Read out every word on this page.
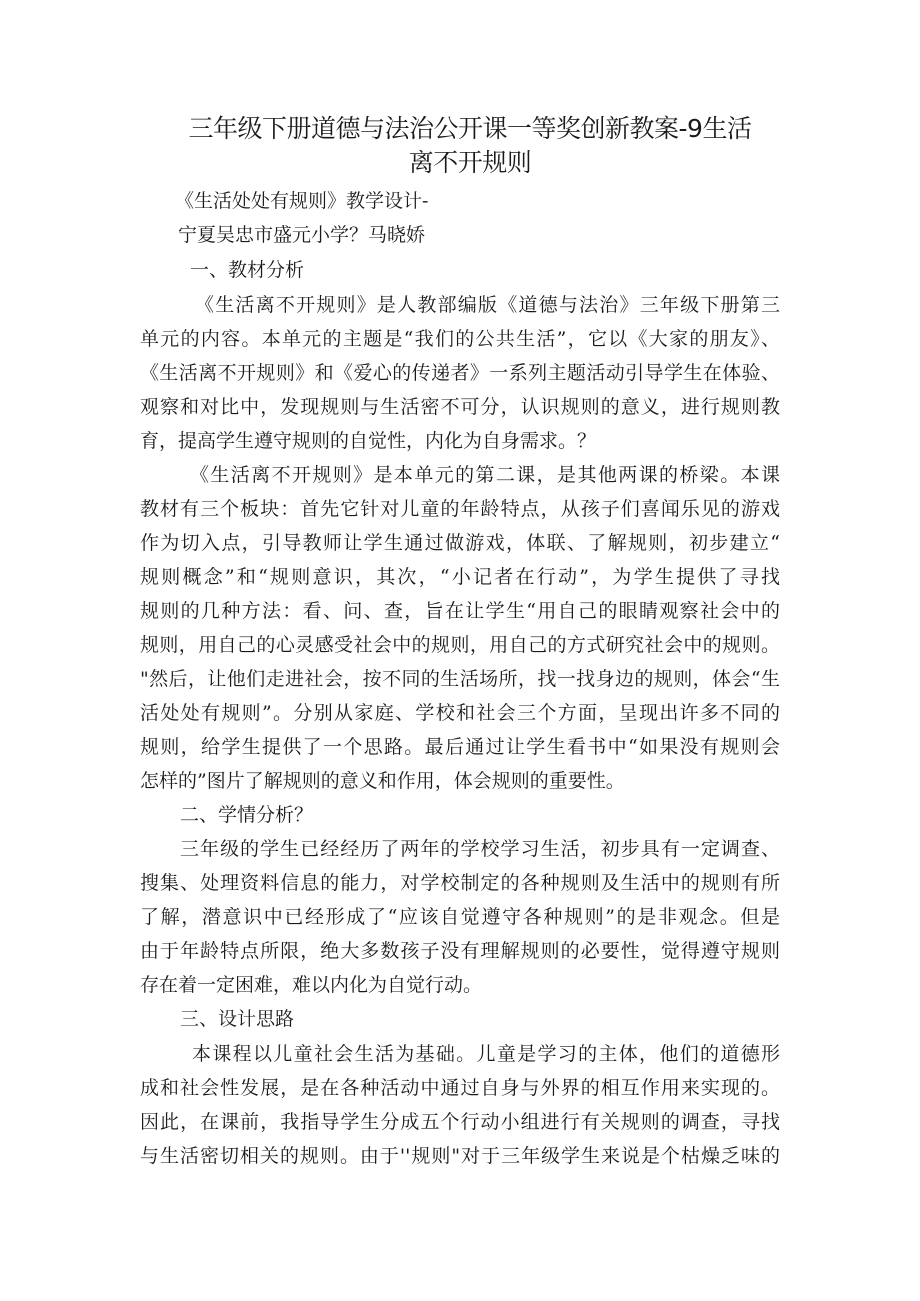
三年级下册道德与法治公开课一等奖创新教案-9生活
离不开规则
《生活处处有规则》教学设计-
宁夏吴忠市盛元小学？马晓娇
一、教材分析
《生活离不开规则》是人教部编版《道德与法治》三年级下册第三
单元的内容。本单元的主题是“我们的公共生活”，它以《大家的朋友》、
《生活离不开规则》和《爱心的传递者》一系列主题活动引导学生在体验、
观察和对比中，发现规则与生活密不可分，认识规则的意义，进行规则教
育，提高学生遵守规则的自觉性，内化为自身需求。？
《生活离不开规则》是本单元的第二课，是其他两课的桥梁。本课
教材有三个板块：首先它针对儿童的年龄特点，从孩子们喜闻乐见的游戏
作为切入点，引导教师让学生通过做游戏，体联、了解规则，初步建立“
规则概念”和“规则意识，其次，“小记者在行动”，为学生提供了寻找
规则的几种方法：看、问、查，旨在让学生“用自己的眼睛观察社会中的
规则，用自己的心灵感受社会中的规则，用自己的方式研究社会中的规则。
"然后，让他们走进社会，按不同的生活场所，找一找身边的规则，体会“生
活处处有规则”。分别从家庭、学校和社会三个方面，呈现出许多不同的
规则，给学生提供了一个思路。最后通过让学生看书中“如果没有规则会
怎样的”图片了解规则的意义和作用，体会规则的重要性。
二、学情分析？
三年级的学生已经经历了两年的学校学习生活，初步具有一定调查、
搜集、处理资料信息的能力，对学校制定的各种规则及生活中的规则有所
了解，潜意识中已经形成了“应该自觉遵守各种规则”的是非观念。但是
由于年龄特点所限，绝大多数孩子没有理解规则的必要性，觉得遵守规则
存在着一定困难，难以内化为自觉行动。
三、设计思路
本课程以儿童社会生活为基础。儿童是学习的主体，他们的道德形
成和社会性发展，是在各种活动中通过自身与外界的相互作用来实现的。
因此，在课前，我指导学生分成五个行动小组进行有关规则的调查，寻找
与生活密切相关的规则。由于''规则"对于三年级学生来说是个枯燥乏味的
